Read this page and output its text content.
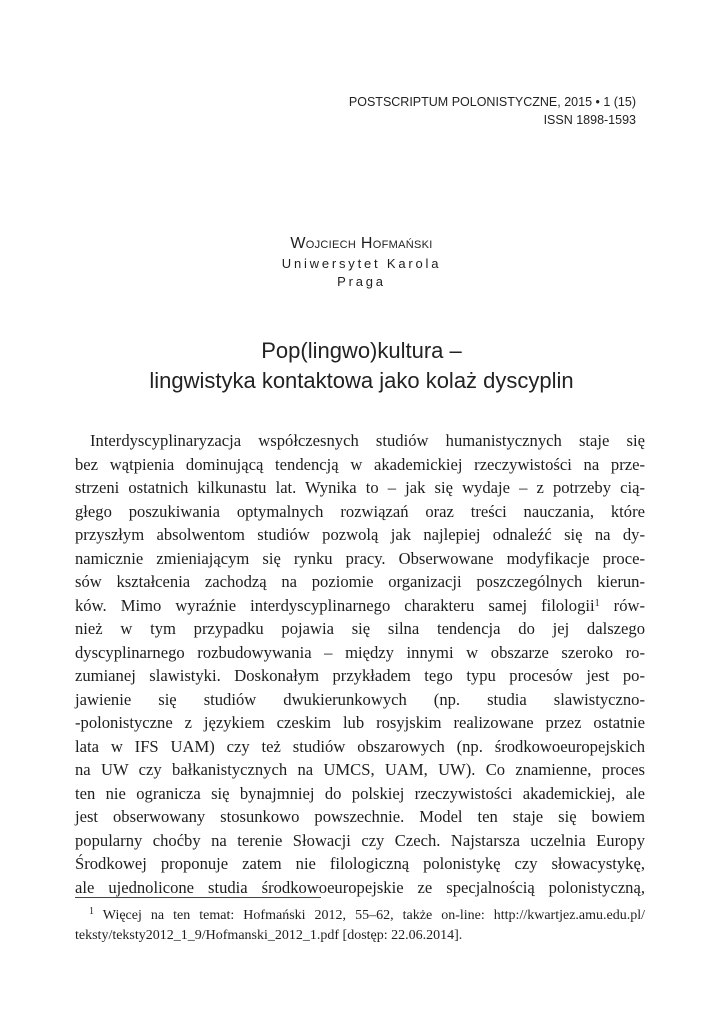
POSTSCRIPTUM POLONISTYCZNE, 2015 • 1 (15)
ISSN 1898-1593
Wojciech Hofmański
Uniwersytet Karola
Praga
Pop(lingwo)kultura –
lingwistyka kontaktowa jako kolaż dyscyplin
Interdyscyplinaryzacja współczesnych studiów humanistycznych staje się
bez wątpienia dominującą tendencją w akademickiej rzeczywistości na prze-
strzeni ostatnich kilkunastu lat. Wynika to – jak się wydaje – z potrzeby cią-
głego poszukiwania optymalnych rozwiązań oraz treści nauczania, które
przyszłym absolwentom studiów pozwolą jak najlepiej odnaleźć się na dy-
namicznie zmieniającym się rynku pracy. Obserwowane modyfikacje proce-
sów kształcenia zachodzą na poziomie organizacji poszczególnych kierun-
ków. Mimo wyraźnie interdyscyplinarnego charakteru samej filologii$^1$ rów-
nież w tym przypadku pojawia się silna tendencja do jej dalszego
dyscyplinarnego rozbudowywania – między innymi w obszarze szeroko ro-
zumianej slawistyki. Doskonałym przykładem tego typu procesów jest po-
jawienie się studiów dwukierunkowych (np. studia slawistyczno-
-polonistyczne z językiem czeskim lub rosyjskim realizowane przez ostatnie
lata w IFS UAM) czy też studiów obszarowych (np. środkowoeuropejskich
na UW czy bałkanistycznych na UMCS, UAM, UW). Co znamienne, proces
ten nie ogranicza się bynajmniej do polskiej rzeczywistości akademickiej, ale
jest obserwowany stosunkowo powszechnie. Model ten staje się bowiem
popularny choćby na terenie Słowacji czy Czech. Najstarsza uczelnia Europy
Środkowej proponuje zatem nie filologiczną polonistykę czy słowacystykę,
ale ujednolicone studia środkowoeuropejskie ze specjalnością polonistyczną,
$^1$ Więcej na ten temat: Hofmański 2012, 55–62, także on-line: http://kwartjez.amu.edu.pl/
teksty/teksty2012_1_9/Hofmanski_2012_1.pdf [dostęp: 22.06.2014].
